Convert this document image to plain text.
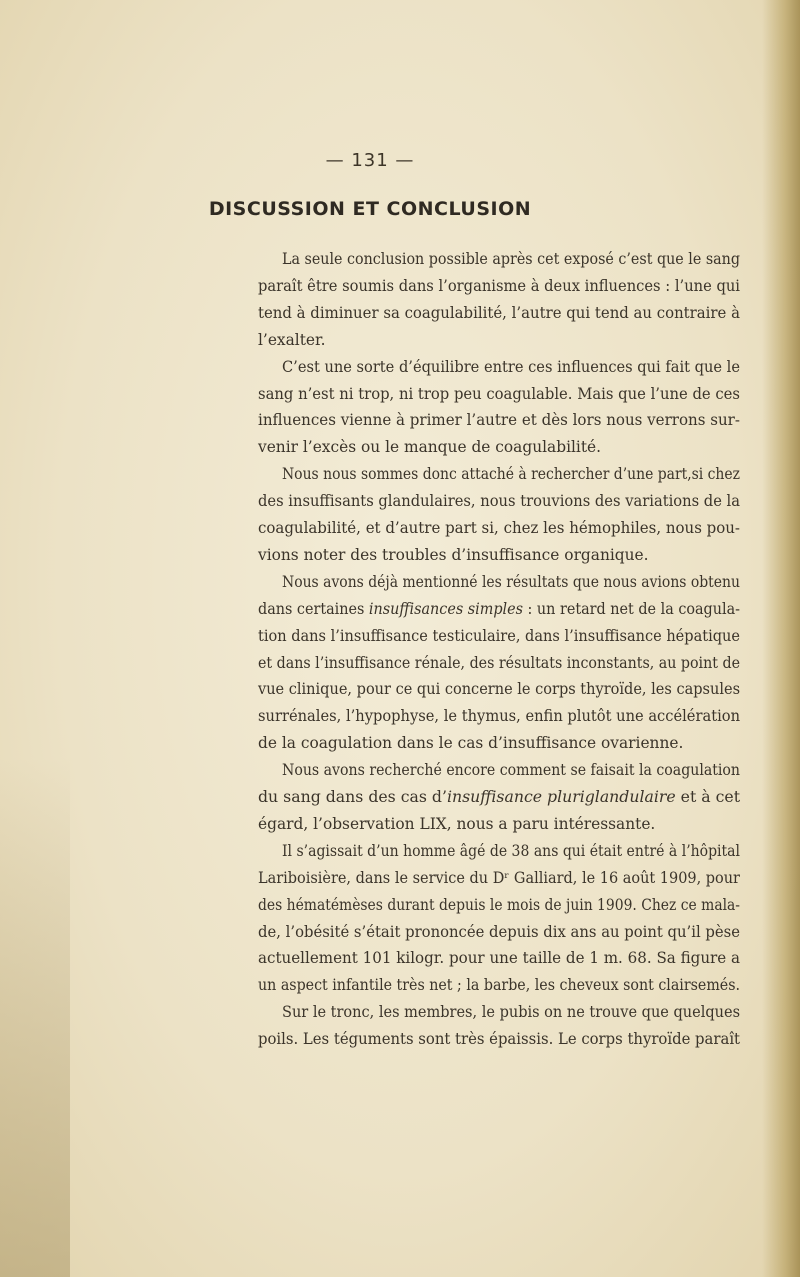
— 131 —
DISCUSSION ET CONCLUSION
La seule conclusion possible après cet exposé c’est que le sang
paraît être soumis dans l’organisme à deux influences : l’une qui
tend à diminuer sa coagulabilité, l’autre qui tend au contraire à
l’exalter.
C’est une sorte d’équilibre entre ces influences qui fait que le
sang n’est ni trop, ni trop peu coagulable. Mais que l’une de ces
influences vienne à primer l’autre et dès lors nous verrons sur-
venir l’excès ou le manque de coagulabilité.
Nous nous sommes donc attaché à rechercher d’une part,si chez
des insuffisants glandulaires, nous trouvions des variations de la
coagulabilité, et d’autre part si, chez les hémophiles, nous pou-
vions noter des troubles d’insuffisance organique.
Nous avons déjà mentionné les résultats que nous avions obtenu
dans certaines insuffisances simples : un retard net de la coagula-
tion dans l’insuffisance testiculaire, dans l’insuffisance hépatique
et dans l’insuffisance rénale, des résultats inconstants, au point de
vue clinique, pour ce qui concerne le corps thyroïde, les capsules
surrénales, l’hypophyse, le thymus, enfin plutôt une accélération
de la coagulation dans le cas d’insuffisance ovarienne.
Nous avons recherché encore comment se faisait la coagulation
du sang dans des cas d’insuffisance pluriglandulaire et à cet
égard, l’observation LIX, nous a paru intéressante.
Il s’agissait d’un homme âgé de 38 ans qui était entré à l’hôpital
Lariboisière, dans le service du Dʳ Galliard, le 16 août 1909, pour
des hématémèses durant depuis le mois de juin 1909. Chez ce mala-
de, l’obésité s’était prononcée depuis dix ans au point qu’il pèse
actuellement 101 kilogr. pour une taille de 1 m. 68. Sa figure a
un aspect infantile très net ; la barbe, les cheveux sont clairsemés.
Sur le tronc, les membres, le pubis on ne trouve que quelques
poils. Les téguments sont très épaissis. Le corps thyroïde paraît
